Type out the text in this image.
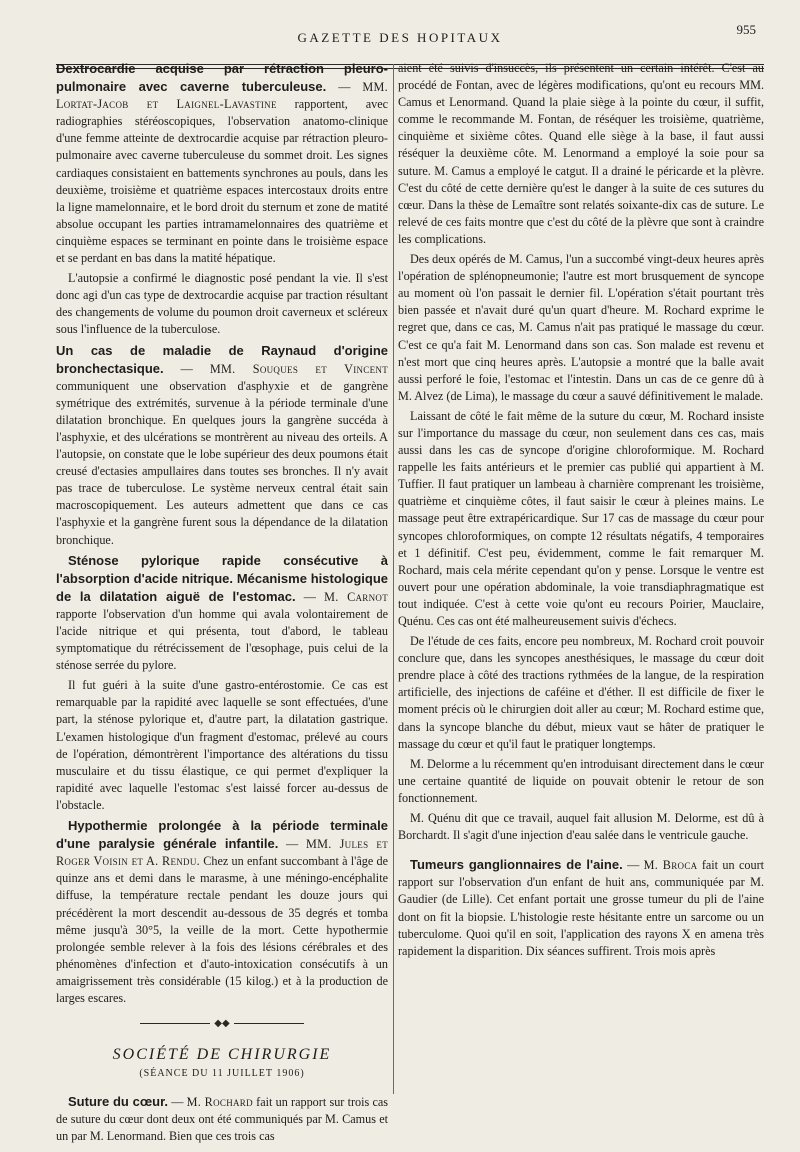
GAZETTE DES HOPITAUX
955

Dextrocardie acquise par rétraction pleuro-pulmonaire avec caverne tuberculeuse. — MM. Lortat-Jacob et Laignel-Lavastine rapportent, avec radiographies stéréoscopiques, l'observation anatomo-clinique d'une femme atteinte de dextrocardie acquise par rétraction pleuro-pulmonaire avec caverne tuberculeuse du sommet droit. Les signes cardiaques consistaient en battements synchrones au pouls, dans les deuxième, troisième et quatrième espaces intercostaux droits entre la ligne mamelonnaire, et le bord droit du sternum et zone de matité absolue occupant les parties intramamelonnaires des quatrième et cinquième espaces se terminant en pointe dans le troisième espace et se perdant en bas dans la matité hépatique.

L'autopsie a confirmé le diagnostic posé pendant la vie. Il s'est donc agi d'un cas type de dextrocardie acquise par traction résultant des changements de volume du poumon droit caverneux et scléreux sous l'influence de la tuberculose.

Un cas de maladie de Raynaud d'origine bronchectasique. — MM. Souques et Vincent communiquent une observation d'asphyxie et de gangrène symétrique des extrémités, survenue à la période terminale d'une dilatation bronchique. En quelques jours la gangrène succéda à l'asphyxie, et des ulcérations se montrèrent au niveau des orteils. A l'autopsie, on constate que le lobe supérieur des deux poumons était creusé d'ectasies ampullaires dans toutes ses bronches. Il n'y avait pas trace de tuberculose. Le système nerveux central était sain macroscopiquement. Les auteurs admettent que dans ce cas l'asphyxie et la gangrène furent sous la dépendance de la dilatation bronchique.

Sténose pylorique rapide consécutive à l'absorption d'acide nitrique. Mécanisme histologique de la dilatation aiguë de l'estomac. — M. Carnot rapporte l'observation d'un homme qui avala volontairement de l'acide nitrique et qui présenta, tout d'abord, le tableau symptomatique du rétrécissement de l'œsophage, puis celui de la sténose serrée du pylore.

Il fut guéri à la suite d'une gastro-entérostomie. Ce cas est remarquable par la rapidité avec laquelle se sont effectuées, d'une part, la sténose pylorique et, d'autre part, la dilatation gastrique. L'examen histologique d'un fragment d'estomac, prélevé au cours de l'opération, démontrèrent l'importance des altérations du tissu musculaire et du tissu élastique, ce qui permet d'expliquer la rapidité avec laquelle l'estomac s'est laissé forcer au-dessus de l'obstacle.

Hypothermie prolongée à la période terminale d'une paralysie générale infantile. — MM. Jules et Roger Voisin et A. Rendu. Chez un enfant succombant à l'âge de quinze ans et demi dans le marasme, à une méningo-encéphalite diffuse, la température rectale pendant les douze jours qui précédèrent la mort descendit au-dessous de 35 degrés et tomba même jusqu'à 30°5, la veille de la mort. Cette hypothermie prolongée semble relever à la fois des lésions cérébrales et des phénomènes d'infection et d'auto-intoxication consécutifs à un amaigrissement très considérable (15 kilog.) et à la production de larges escares.

◆◆
SOCIÉTÉ DE CHIRURGIE
(SÉANCE DU 11 JUILLET 1906)

Suture du cœur. — M. Rochard fait un rapport sur trois cas de suture du cœur dont deux ont été communiqués par M. Camus et un par M. Lenormand. Bien que ces trois cas

aient été suivis d'insuccès, ils présentent un certain intérêt. C'est au procédé de Fontan, avec de légères modifications, qu'ont eu recours MM. Camus et Lenormand. Quand la plaie siège à la pointe du cœur, il suffit, comme le recommande M. Fontan, de réséquer les troisième, quatrième, cinquième et sixième côtes. Quand elle siège à la base, il faut aussi réséquer la deuxième côte. M. Lenormand a employé la soie pour sa suture. M. Camus a employé le catgut. Il a drainé le péricarde et la plèvre. C'est du côté de cette dernière qu'est le danger à la suite de ces sutures du cœur. Dans la thèse de Lemaître sont relatés soixante-dix cas de suture. Le relevé de ces faits montre que c'est du côté de la plèvre que sont à craindre les complications.

Des deux opérés de M. Camus, l'un a succombé vingt-deux heures après l'opération de splénopneumonie; l'autre est mort brusquement de syncope au moment où l'on passait le dernier fil. L'opération s'était pourtant très bien passée et n'avait duré qu'un quart d'heure. M. Rochard exprime le regret que, dans ce cas, M. Camus n'ait pas pratiqué le massage du cœur. C'est ce qu'a fait M. Lenormand dans son cas. Son malade est revenu et n'est mort que cinq heures après. L'autopsie a montré que la balle avait aussi perforé le foie, l'estomac et l'intestin. Dans un cas de ce genre dû à M. Alvez (de Lima), le massage du cœur a sauvé définitivement le malade.

Laissant de côté le fait même de la suture du cœur, M. Rochard insiste sur l'importance du massage du cœur, non seulement dans ces cas, mais aussi dans les cas de syncope d'origine chloroformique. M. Rochard rappelle les faits antérieurs et le premier cas publié qui appartient à M. Tuffier. Il faut pratiquer un lambeau à charnière comprenant les troisième, quatrième et cinquième côtes, il faut saisir le cœur à pleines mains. Le massage peut être extrapéricardique. Sur 17 cas de massage du cœur pour syncopes chloroformiques, on compte 12 résultats négatifs, 4 temporaires et 1 définitif. C'est peu, évidemment, comme le fait remarquer M. Rochard, mais cela mérite cependant qu'on y pense. Lorsque le ventre est ouvert pour une opération abdominale, la voie transdiaphragmatique est tout indiquée. C'est à cette voie qu'ont eu recours Poirier, Mauclaire, Quénu. Ces cas ont été malheureusement suivis d'échecs.

De l'étude de ces faits, encore peu nombreux, M. Rochard croit pouvoir conclure que, dans les syncopes anesthésiques, le massage du cœur doit prendre place à côté des tractions rythmées de la langue, de la respiration artificielle, des injections de caféine et d'éther. Il est difficile de fixer le moment précis où le chirurgien doit aller au cœur; M. Rochard estime que, dans la syncope blanche du début, mieux vaut se hâter de pratiquer le massage du cœur et qu'il faut le pratiquer longtemps.

M. Delorme a lu récemment qu'en introduisant directement dans le cœur une certaine quantité de liquide on pouvait obtenir le retour de son fonctionnement.

M. Quénu dit que ce travail, auquel fait allusion M. Delorme, est dû à Borchardt. Il s'agit d'une injection d'eau salée dans le ventricule gauche.

Tumeurs ganglionnaires de l'aine. — M. Broca fait un court rapport sur l'observation d'un enfant de huit ans, communiquée par M. Gaudier (de Lille). Cet enfant portait une grosse tumeur du pli de l'aine dont on fit la biopsie. L'histologie reste hésitante entre un sarcome ou un tuberculome. Quoi qu'il en soit, l'application des rayons X en amena très rapidement la disparition. Dix séances suffirent. Trois mois après
